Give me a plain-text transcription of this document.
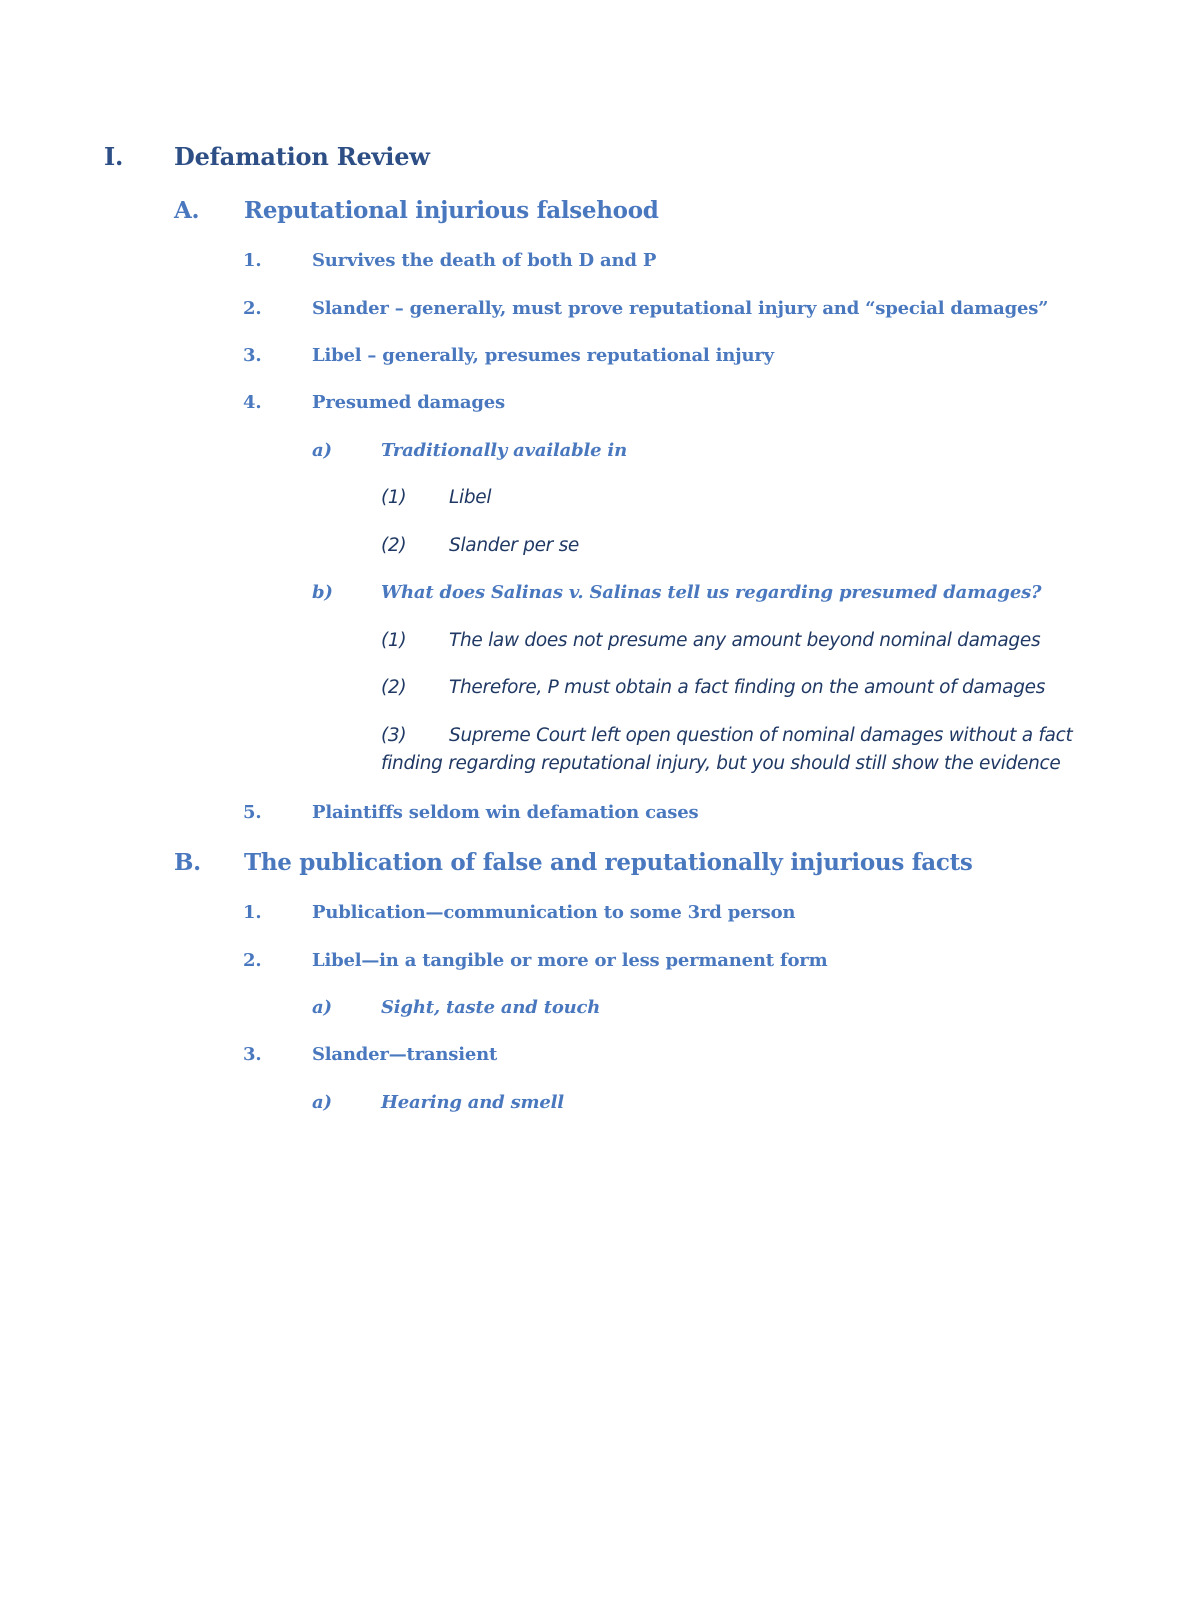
I. Defamation Review
A. Reputational injurious falsehood
1.	Survives the death of both D and P
2.	Slander – generally, must prove reputational injury and “special damages”
3.	Libel – generally, presumes reputational injury
4.	Presumed damages
a)	Traditionally available in
(1) Libel
(2) Slander per se
b)	What does Salinas v. Salinas tell us regarding presumed damages?
(1) The law does not presume any amount beyond nominal damages
(2) Therefore, P must obtain a fact finding on the amount of damages
(3) Supreme Court left open question of nominal damages without a fact
finding regarding reputational injury, but you should still show the evidence
5.	Plaintiffs seldom win defamation cases
B. The publication of false and reputationally injurious facts
1.	Publication—communication to some 3rd person
2.	Libel—in a tangible or more or less permanent form
a)	Sight, taste and touch
3.	Slander—transient
a)	Hearing and smell
